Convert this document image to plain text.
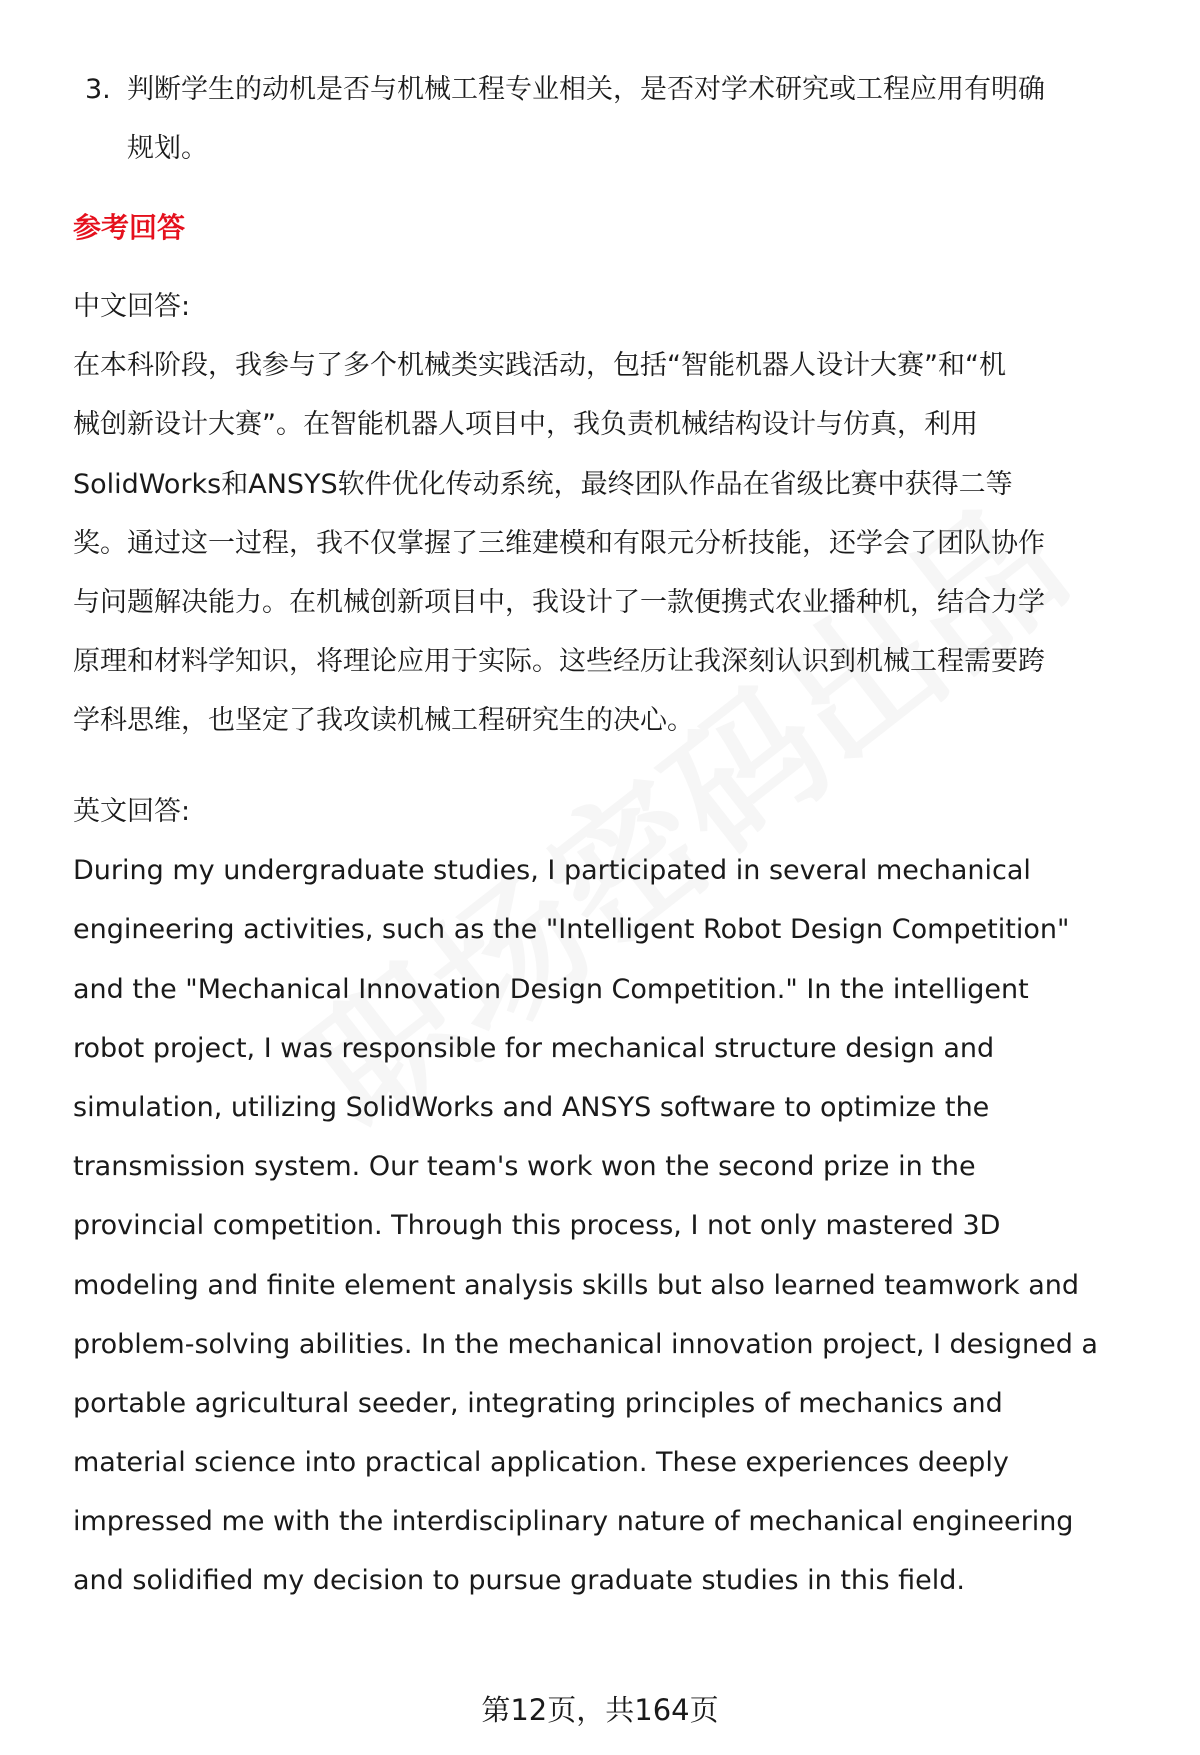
3. 判断学生的动机是否与机械工程专业相关，是否对学术研究或工程应用有明确
规划。
参考回答
中文回答:
在本科阶段，我参与了多个机械类实践活动，包括“智能机器人设计大赛”和“机
械创新设计大赛”。在智能机器人项目中，我负责机械结构设计与仿真，利用
SolidWorks和ANSYS软件优化传动系统，最终团队作品在省级比赛中获得二等
奖。通过这一过程，我不仅掌握了三维建模和有限元分析技能，还学会了团队协作
与问题解决能力。在机械创新项目中，我设计了一款便携式农业播种机，结合力学
原理和材料学知识，将理论应用于实际。这些经历让我深刻认识到机械工程需要跨
学科思维，也坚定了我攻读机械工程研究生的决心。
英文回答:
During my undergraduate studies, I participated in several mechanical
engineering activities, such as the "Intelligent Robot Design Competition"
and the "Mechanical Innovation Design Competition." In the intelligent
robot project, I was responsible for mechanical structure design and
simulation, utilizing SolidWorks and ANSYS software to optimize the
transmission system. Our team's work won the second prize in the
provincial competition. Through this process, I not only mastered 3D
modeling and finite element analysis skills but also learned teamwork and
problem-solving abilities. In the mechanical innovation project, I designed a
portable agricultural seeder, integrating principles of mechanics and
material science into practical application. These experiences deeply
impressed me with the interdisciplinary nature of mechanical engineering
and solidified my decision to pursue graduate studies in this field.
第12页，共164页
